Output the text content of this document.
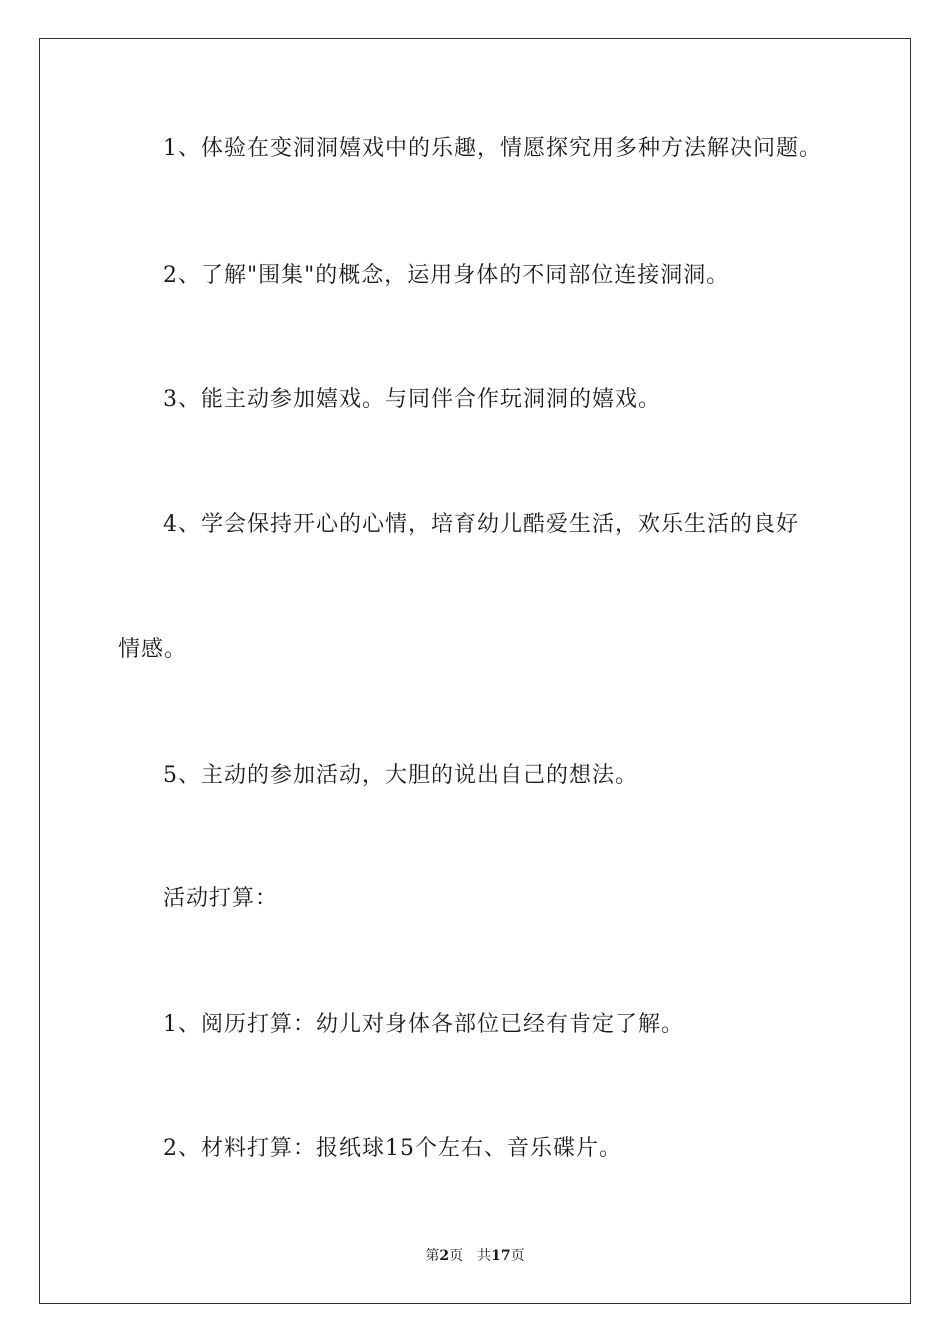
1、体验在变洞洞嬉戏中的乐趣，情愿探究用多种方法解决问题。
2、了解"围集"的概念，运用身体的不同部位连接洞洞。
3、能主动参加嬉戏。与同伴合作玩洞洞的嬉戏。
4、学会保持开心的心情，培育幼儿酷爱生活，欢乐生活的良好
情感。
5、主动的参加活动，大胆的说出自己的想法。
活动打算：
1、阅历打算：幼儿对身体各部位已经有肯定了解。
2、材料打算：报纸球15个左右、音乐碟片。
第2页 共17页
